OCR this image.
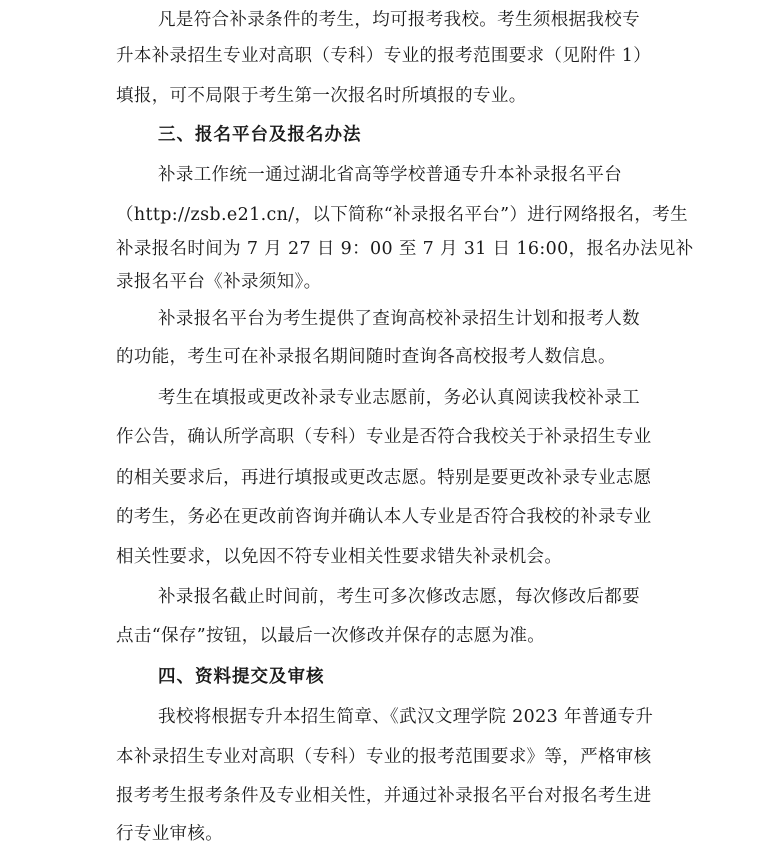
凡是符合补录条件的考生，均可报考我校。考生须根据我校专
升本补录招生专业对高职（专科）专业的报考范围要求（见附件 1）
填报，可不局限于考生第一次报名时所填报的专业。
三、报名平台及报名办法
补录工作统一通过湖北省高等学校普通专升本补录报名平台
（http://zsb.e21.cn/，以下简称“补录报名平台”）进行网络报名，考生
补录报名时间为 7 月 27 日 9：00 至 7 月 31 日 16:00，报名办法见补
录报名平台《补录须知》。
补录报名平台为考生提供了查询高校补录招生计划和报考人数
的功能，考生可在补录报名期间随时查询各高校报考人数信息。
考生在填报或更改补录专业志愿前，务必认真阅读我校补录工
作公告，确认所学高职（专科）专业是否符合我校关于补录招生专业
的相关要求后，再进行填报或更改志愿。特别是要更改补录专业志愿
的考生，务必在更改前咨询并确认本人专业是否符合我校的补录专业
相关性要求，以免因不符专业相关性要求错失补录机会。
补录报名截止时间前，考生可多次修改志愿，每次修改后都要
点击“保存”按钮，以最后一次修改并保存的志愿为准。
四、资料提交及审核
我校将根据专升本招生简章、《武汉文理学院 2023 年普通专升
本补录招生专业对高职（专科）专业的报考范围要求》等，严格审核
报考考生报考条件及专业相关性，并通过补录报名平台对报名考生进
行专业审核。
